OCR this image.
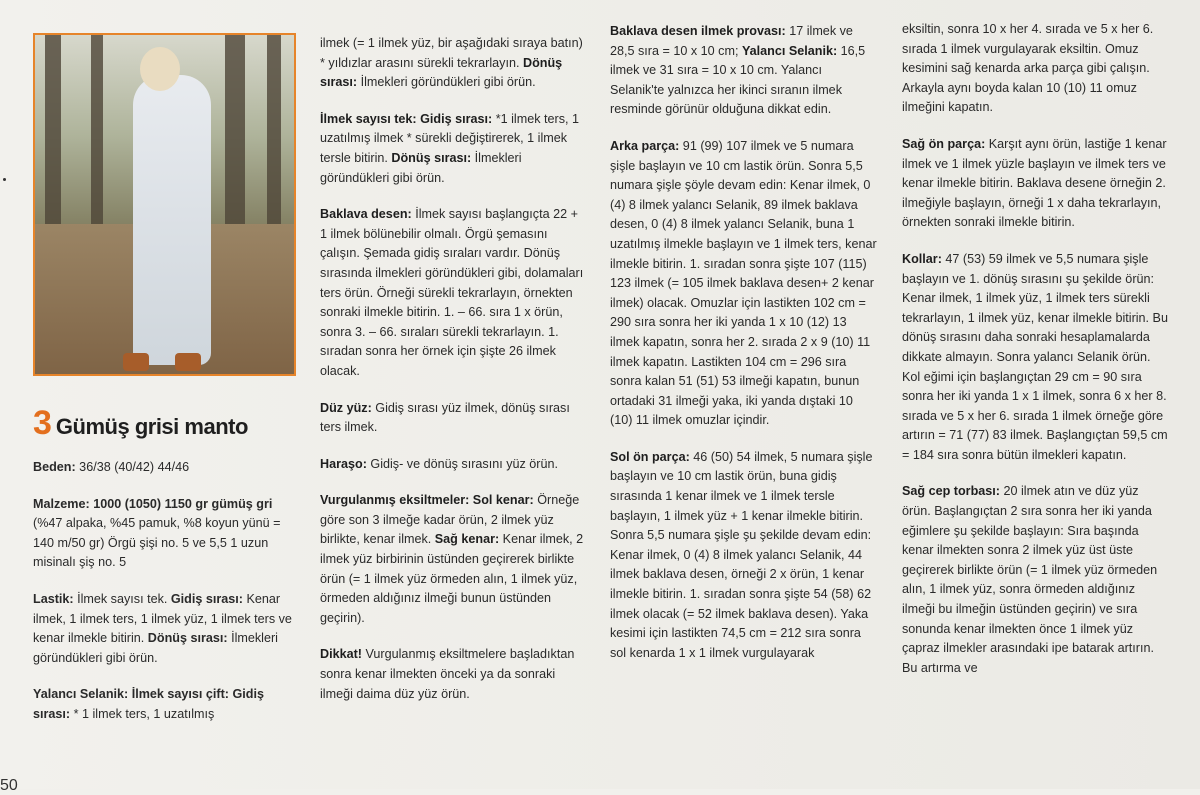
3 Gümüş grisi manto

Beden: 36/38 (40/42) 44/46

Malzeme: 1000 (1050) 1150 gr gümüş gri (%47 alpaka, %45 pamuk, %8 koyun yünü = 140 m/50 gr) Örgü şişi no. 5 ve 5,5 1 uzun misinalı şiş no. 5

Lastik: İlmek sayısı tek. Gidiş sırası: Kenar ilmek, 1 ilmek ters, 1 ilmek yüz, 1 ilmek ters ve kenar ilmekle bitirin. Dönüş sırası: İlmekleri göründükleri gibi örün.

Yalancı Selanik: İlmek sayısı çift: Gidiş sırası: * 1 ilmek ters, 1 uzatılmış

ilmek (= 1 ilmek yüz, bir aşağıdaki sıraya batın) * yıldızlar arasını sürekli tekrarlayın. Dönüş sırası: İlmekleri göründükleri gibi örün.

İlmek sayısı tek: Gidiş sırası: *1 ilmek ters, 1 uzatılmış ilmek * sürekli değiştirerek, 1 ilmek tersle bitirin. Dönüş sırası: İlmekleri göründükleri gibi örün.

Baklava desen: İlmek sayısı başlangıçta 22 + 1 ilmek bölünebilir olmalı. Örgü şemasını çalışın. Şemada gidiş sıraları vardır. Dönüş sırasında ilmekleri göründükleri gibi, dolamaları ters örün. Örneği sürekli tekrarlayın, örnekten sonraki ilmekle bitirin. 1. – 66. sıra 1 x örün, sonra 3. – 66. sıraları sürekli tekrarlayın. 1. sıradan sonra her örnek için şişte 26 ilmek olacak.

Düz yüz: Gidiş sırası yüz ilmek, dönüş sırası ters ilmek.

Haraşo: Gidiş- ve dönüş sırasını yüz örün.

Vurgulanmış eksiltmeler: Sol kenar: Örneğe göre son 3 ilmeğe kadar örün, 2 ilmek yüz birlikte, kenar ilmek. Sağ kenar: Kenar ilmek, 2 ilmek yüz birbirinin üstünden geçirerek birlikte örün (= 1 ilmek yüz örmeden alın, 1 ilmek yüz, örmeden aldığınız ilmeği bunun üstünden geçirin).

Dikkat! Vurgulanmış eksiltmelere başladıktan sonra kenar ilmekten önceki ya da sonraki ilmeği daima düz yüz örün.

Baklava desen ilmek provası: 17 ilmek ve 28,5 sıra = 10 x 10 cm; Yalancı Selanik: 16,5 ilmek ve 31 sıra = 10 x 10 cm. Yalancı Selanik'te yalnızca her ikinci sıranın ilmek resminde görünür olduğuna dikkat edin.

Arka parça: 91 (99) 107 ilmek ve 5 numara şişle başlayın ve 10 cm lastik örün. Sonra 5,5 numara şişle şöyle devam edin: Kenar ilmek, 0 (4) 8 ilmek yalancı Selanik, 89 ilmek baklava desen, 0 (4) 8 ilmek yalancı Selanik, buna 1 uzatılmış ilmekle başlayın ve 1 ilmek ters, kenar ilmekle bitirin. 1. sıradan sonra şişte 107 (115) 123 ilmek (= 105 ilmek baklava desen+ 2 kenar ilmek) olacak. Omuzlar için lastikten 102 cm = 290 sıra sonra her iki yanda 1 x 10 (12) 13 ilmek kapatın, sonra her 2. sırada 2 x 9 (10) 11 ilmek kapatın. Lastikten 104 cm = 296 sıra sonra kalan 51 (51) 53 ilmeği kapatın, bunun ortadaki 31 ilmeği yaka, iki yanda dıştaki 10 (10) 11 ilmek omuzlar içindir.

Sol ön parça: 46 (50) 54 ilmek, 5 numara şişle başlayın ve 10 cm lastik örün, buna gidiş sırasında 1 kenar ilmek ve 1 ilmek tersle başlayın, 1 ilmek yüz + 1 kenar ilmekle bitirin. Sonra 5,5 numara şişle şu şekilde devam edin: Kenar ilmek, 0 (4) 8 ilmek yalancı Selanik, 44 ilmek baklava desen, örneği 2 x örün, 1 kenar ilmekle bitirin. 1. sıradan sonra şişte 54 (58) 62 ilmek olacak (= 52 ilmek baklava desen). Yaka kesimi için lastikten 74,5 cm = 212 sıra sonra sol kenarda 1 x 1 ilmek vurgulayarak

eksiltin, sonra 10 x her 4. sırada ve 5 x her 6. sırada 1 ilmek vurgulayarak eksiltin. Omuz kesimini sağ kenarda arka parça gibi çalışın. Arkayla aynı boyda kalan 10 (10) 11 omuz ilmeğini kapatın.

Sağ ön parça: Karşıt aynı örün, lastiğe 1 kenar ilmek ve 1 ilmek yüzle başlayın ve ilmek ters ve kenar ilmekle bitirin. Baklava desene örneğin 2. ilmeğiyle başlayın, örneği 1 x daha tekrarlayın, örnekten sonraki ilmekle bitirin.

Kollar: 47 (53) 59 ilmek ve 5,5 numara şişle başlayın ve 1. dönüş sırasını şu şekilde örün: Kenar ilmek, 1 ilmek yüz, 1 ilmek ters sürekli tekrarlayın, 1 ilmek yüz, kenar ilmekle bitirin. Bu dönüş sırasını daha sonraki hesaplamalarda dikkate almayın. Sonra yalancı Selanik örün. Kol eğimi için başlangıçtan 29 cm = 90 sıra sonra her iki yanda 1 x 1 ilmek, sonra 6 x her 8. sırada ve 5 x her 6. sırada 1 ilmek örneğe göre artırın = 71 (77) 83 ilmek. Başlangıçtan 59,5 cm = 184 sıra sonra bütün ilmekleri kapatın.

Sağ cep torbası: 20 ilmek atın ve düz yüz örün. Başlangıçtan 2 sıra sonra her iki yanda eğimlere şu şekilde başlayın: Sıra başında kenar ilmekten sonra 2 ilmek yüz üst üste geçirerek birlikte örün (= 1 ilmek yüz örmeden alın, 1 ilmek yüz, sonra örmeden aldığınız ilmeği bu ilmeğin üstünden geçirin) ve sıra sonunda kenar ilmekten önce 1 ilmek yüz çapraz ilmekler arasındaki ipe batarak artırın. Bu artırma ve

50
